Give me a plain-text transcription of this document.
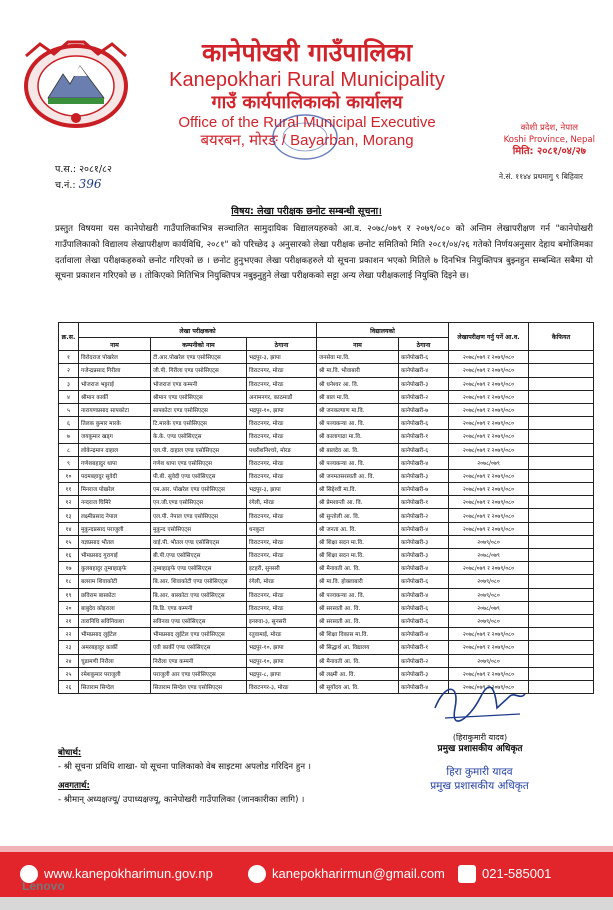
कानेपोखरी गाउँपालिका
Kanepokhari Rural Municipality
गाउँ कार्यपालिकाको कार्यालय
Office of the Rural Municipal Executive
बयरबन, मोरङ / Bayarban, Morang
कोशी प्रदेश, नेपाल
Koshi Province, Nepal
मिति: २०८१/०४/२७
प.स.: २०८१/८२
च.नं.: 396
ने.सं. ११४४ प्रथमागु ९ बिहिवार
विषय: लेखा परीक्षक छनोट सम्बन्धी सूचना।
प्रस्तुत विषयमा यस कानेपोखरी गाउँपालिकाभित्र सञ्चालित सामुदायिक विद्यालयहरुको आ.व. २०७८/०७९ र २०७९/०८० को अन्तिम लेखापरीक्षण गर्न "कानेपोखरी गाउँपालिकाको विद्यालय लेखापरीक्षण कार्यविधि, २०८१" को परिच्छेद ३ अनुसारको लेखा परीक्षक छनोट समितिको मिति २०८१/०४/२६ गतेको निर्णयअनुसार देहाय बमोजिमका दर्तावाला लेखा परीक्षकहरुको छनोट गरिएको छ । छनोट हुनुभएका लेखा परीक्षकहरुले यो सूचना प्रकाशन भएको मितिले ७ दिनभित्र नियुक्तिपत्र बुझ्नहुन सम्बन्धित सबैमा यो सूचना प्रकाशन गरिएको छ । तोकिएको मितिभित्र नियुक्तिपत्र नबुझ्नुहुने लेखा परीक्षकको सट्टा अन्य लेखा परीक्षकलाई नियुक्ति दिइने छ।
क्र.स.	लेखा परीक्षकको			विद्यालयको		लेखापरीक्षण गर्नु पर्ने आ.व.	कैफियत
	नाम	कम्पनीको नाम	ठेगाना	नाम	ठेगाना		
१	विरोदराज पोखरेल	टी.आर.पोखरेल एण्ड एसोसिएट्स	भद्रपुर-३, झापा	जनसेवा मा.वि.	कानेपोखरी-६	२०७८/०७९ र २०७९/०८०	
२	गजेन्द्रप्रसाद गिरीला	जी.पी. गिरीला एण्ड एसोसिएट्स	विराटनगर, मोरङ	श्री मा.वि. भौवाबारी	कानेपोखरी-४	२०७८/०७९ र २०७९/०८०	
३	भोजराज भट्टराई	भोजराज एण्ड कम्पनी	विराटनगर, मोरङ	श्री धनेश्वर आ. वि.	कानेपोखरी-३	२०७८/०७९ र २०७९/०८०	
४	श्रीमान कार्की	श्रीमान एण्ड एसोसिएट्स	अनामनगर, काठमाडौं	श्री बाल मा.वि.	कानेपोखरी-२	२०७८/०७९ र २०७९/०८०	
५	नारायणप्रसाद सापकोटा	सापकोटा एण्ड एसोसिएट्स	भद्रपुर-१०, झापा	श्री जनकल्याण मा.वि.	कानेपोखरी-७	२०७८/०७९ र २०७९/०८०	
६	तिलक कुमार मारके	टि.मारके एण्ड एसोसिएट्स	विराटनगर, मोरङ	श्री पञ्चकन्या आ. वि.	कानेपोखरी-६	२०७८/०७९ र २०७९/०८०	
७	जयकुमार खड्ग	के.के. एण्ड एसोसिएट्स	विराटनगर, मोरङ	श्री कालागाढा मा.वि.	कानेपोखरी-१	२०७८/०७९ र २०७९/०८०	
८	लोकेन्द्रमान दाहाल	एल.पी. दाहाल एण्ड एसोसिएट्स	पथरीशनिश्चरे, मोरङ	श्री बालदेव आ. वि.	कानेपोखरी-६	२०७८/०७९ र २०७९/०८०	
९	गणेशबहादुर थापा	गणेश थापा एण्ड एसोसिएट्स	विराटनगर, मोरङ	श्री पञ्चकन्या आ. वि.	कानेपोखरी-४	२०७८/०७९	
१०	पदमबहादुर सुवेदी	पी.बी. सुवेदी एण्ड एसोसिएट्स	विराटनगर, मोरङ	श्री जनमतसरस्वती आ. वि.	कानेपोखरी-३	२०७८/०७९ र २०७९/०८०	
११	मिनराज पोखरेल	एम.आर. पोखरेल एण्ड एसोसिएट्स	भद्रपुर-३, झापा	श्री सिद्देश्वी मा.वि.	कानेपोखरी-७	२०७८/०७९ र २०७९/०८०	
१२	नन्दराज घिमिरे	एन.जी.एण्ड एसोसिएट्स	रंगेली, मोरङ	श्री प्रेमशान्ती आ. वि.	कानेपोखरी-१	२०७८/०७९ र २०७९/०८०	
१३	लक्ष्मीप्रसाद नेपाल	एल.पी. नेपाल एण्ड एसोसिएट्स	विराटनगर, मोरङ	श्री सुन्तोली आ. वि.	कानेपोखरी-२	२०७८/०७९ र २०७९/०८०	
१४	मुकुन्दप्रसाद पराजुली	मुकुन्द एसोसिएट्स	धनकुटा	श्री जनता आ. वि.	कानेपोखरी-४	२०७८/०७९ र २०७९/०८०	
१५	यज्ञप्रसाद भौतल	वाई.पी. भौतल एण्ड एसोसिएट्स	विराटनगर, मोरङ	श्री शिक्षा सदन मा.वि.	कानेपोखरी-३	२०७९/०८०	
१६	भीमप्रसाद गुरागाई	बी.पी.एण्ड एसोसिएट्स	विराटनगर, मोरङ	श्री शिक्षा सदन मा.वि.	कानेपोखरी-३	२०७८/०७९	
१७	कुलबहादुर तुम्बाहाङ्फे	तुम्बाहाङ्फे एण्ड एसोसिएट्स	इटहरी, सुनसरी	श्री मैनावती आ. वि.	कानेपोखरी-४	२०७८/०७९ र २०७९/०८०	
१८	बलराम शिवाकोटी	बि.आर. शिवाकोटी एण्ड एसोसिएट्स	रंगेली, मोरङ	श्री मा.वि. होक्लाबारी	कानेपोखरी-६	२०७९/०८०	
१९	छविराम बास्कोटा	बि.आर. बास्कोटा एण्ड एसोसिएट्स	विराटनगर, मोरङ	श्री पञ्चकन्या आ. वि.	कानेपोखरी-४	२०७९/०८०	
२०	बाबुदेव कोइराला	बि.डि. एण्ड कम्पनी	विराटनगर, मोरङ	श्री सरस्वती आ. वि.	कानेपोखरी-६	२०७८/०७९	
२१	तारानिधि सविनिवाशा	सविनवा एण्ड एसोसिएट्स	इनरुवा-३, सुनसरी	श्री सरस्वती आ. वि.	कानेपोखरी-६	२०७९/०८०	
२२	भीमप्रसाद लुईटेल	भीमप्रसाद लुईटेल एण्ड एसोसिएट्स	रतुवामाई, मोरङ	श्री शिक्षा विकास मा.वि.	कानेपोखरी-४	२०७८/०७९ र २०७९/०८०	
२३	अमरबहादुर कार्की	एवी कार्की एण्ड एसोसिएट्स	भद्रपुर-१०, झापा	श्री सिद्धार्थ आ. विद्यालय	कानेपोखरी-१	२०७८/०७९ र २०७९/०८०	
२४	चुडामणी निरौला	निरौला एण्ड कम्पनी	भद्रपुर-१०, झापा	श्री मैनावती आ. वि.	कानेपोखरी-२	२०७९/०८०	
२५	रमेशकुमार पराजुली	पराजुली आर एण्ड एसोसिएट्स	भद्रपुर-८, झापा	श्री लक्ष्मी आ. वि.	कानेपोखरी-३	२०७८/०७९ र २०७९/०८०	
२६	सिताराम सिग्देल	सिताराम सिग्देल एण्ड एसोसिएट्स	विराटनगर-३, मोरङ	श्री सूर्योदय आ. वि.	कानेपोखरी-४	२०७८/०७९ र २०७९/०८०	
(हिराकुमारी यादव)
प्रमुख प्रशासकीय अधिकृत
हिरा कुमारी यादव
प्रमुख प्रशासकीय अधिकृत
बोधार्थ:
- श्री सूचना प्रविधि शाखा- यो सूचना पालिकाको वेब साइटमा अपलोड गरिदिन हुन ।
अवगतार्थ:
- श्रीमान् अध्यक्षज्यू/ उपाध्यक्षज्यू, कानेपोखरी गाउँपालिका (जानकारीका लागि) ।
www.kanepokharimun.gov.np	kanepokharirmun@gmail.com	021-585001
Lenovo
